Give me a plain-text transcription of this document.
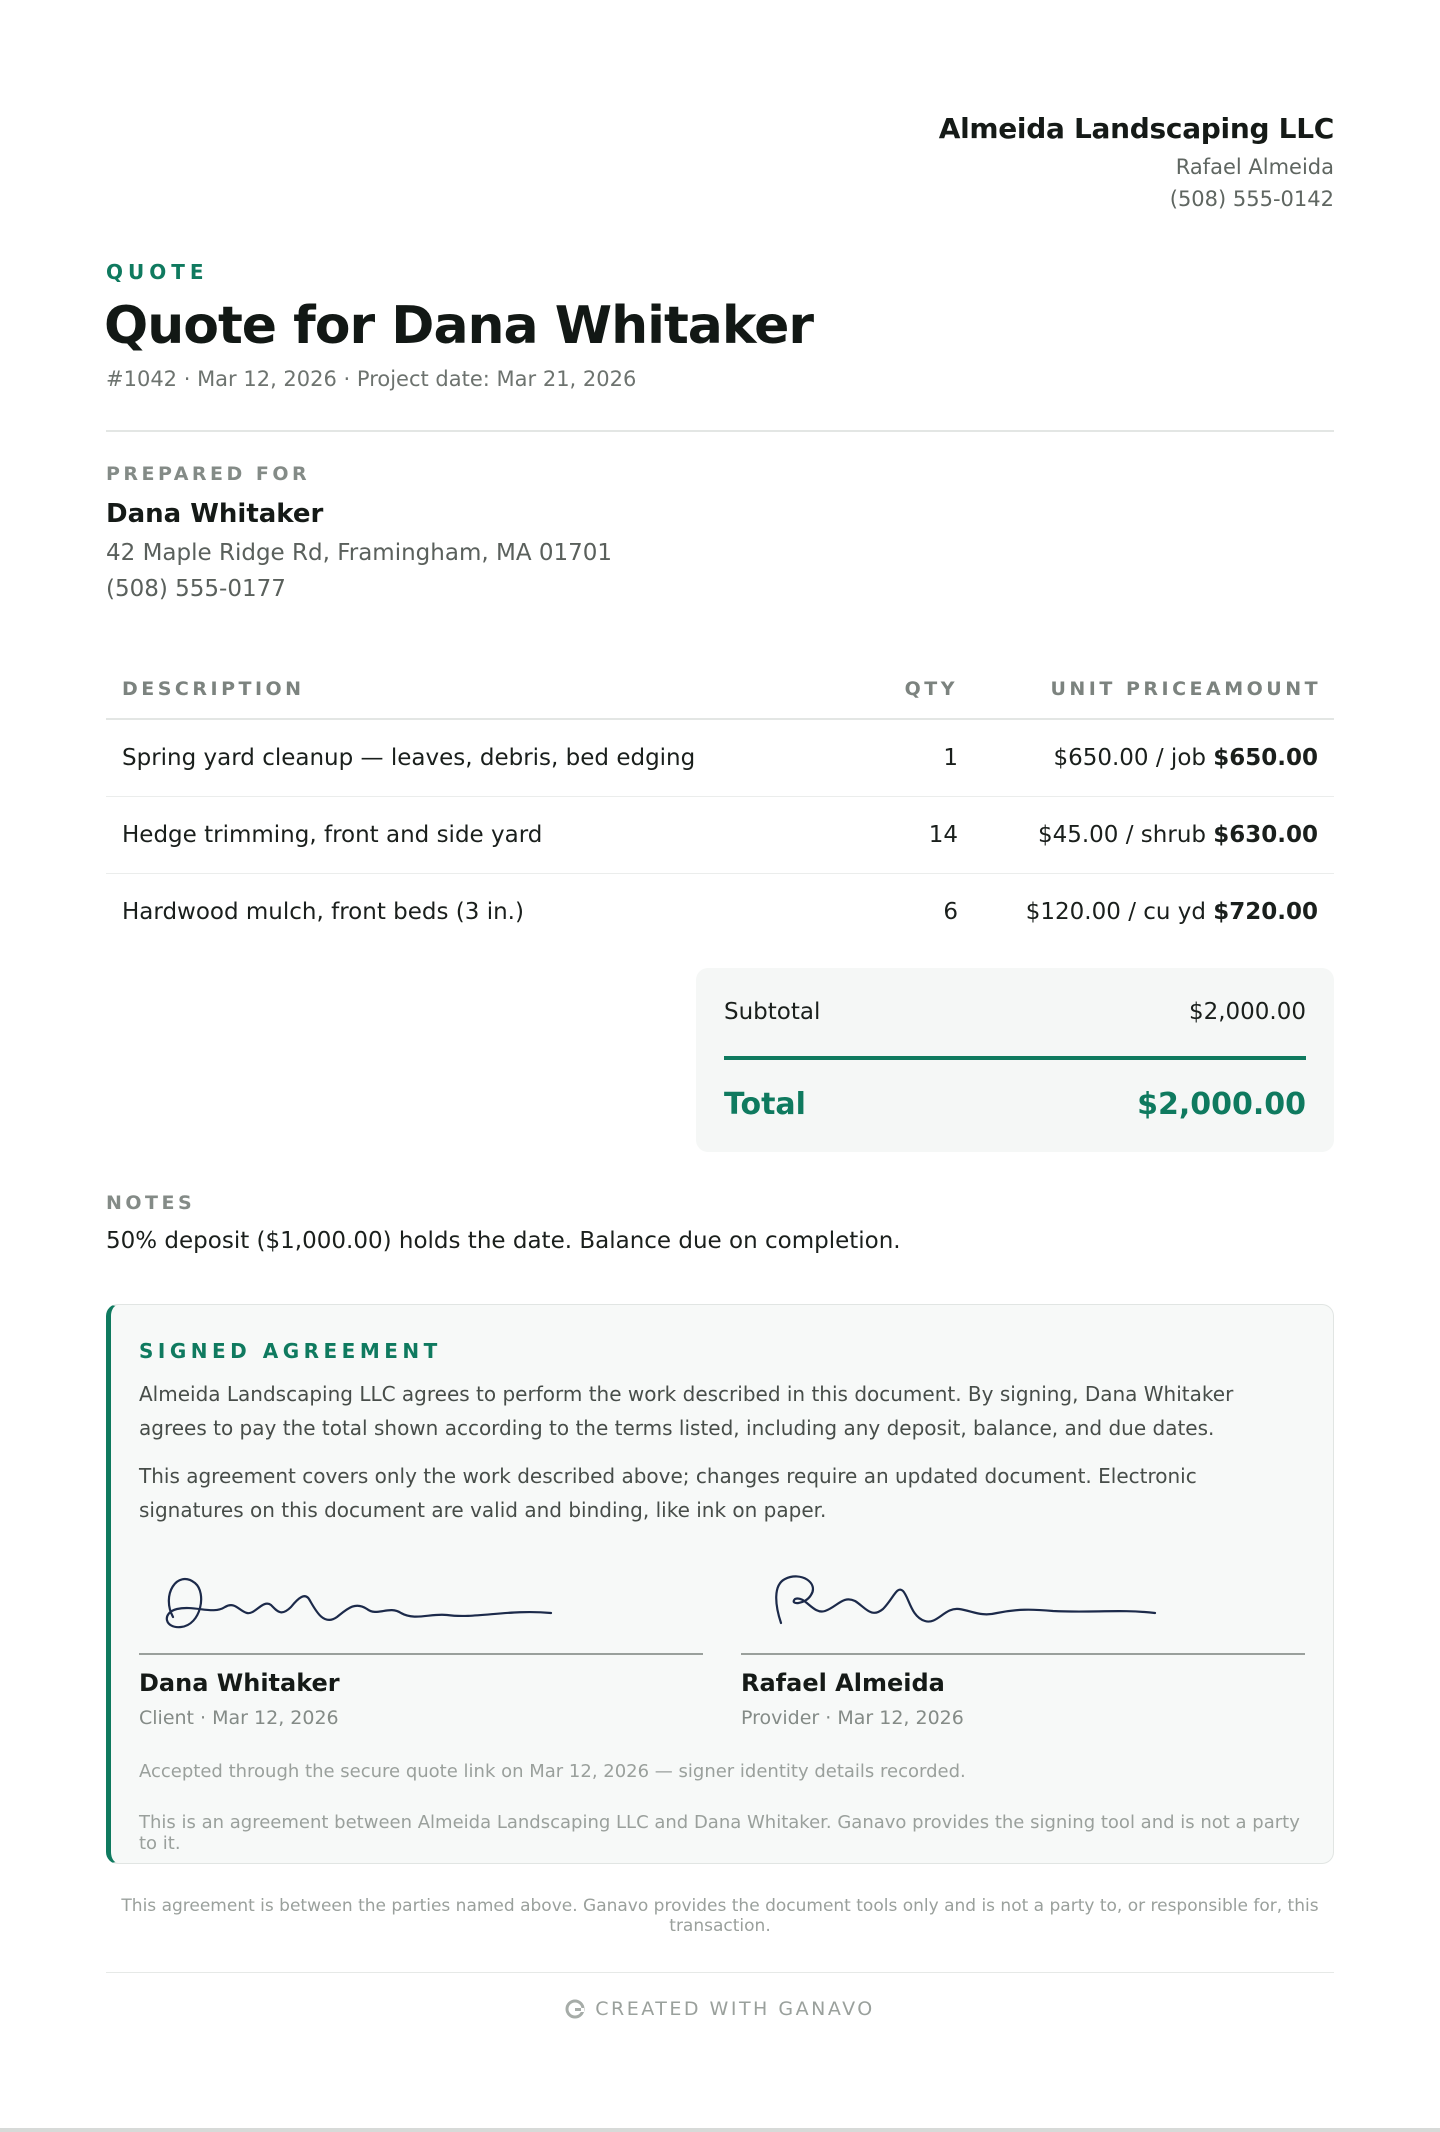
Almeida Landscaping LLC
Rafael Almeida
(508) 555-0142
QUOTE
Quote for Dana Whitaker
#1042 · Mar 12, 2026 · Project date: Mar 21, 2026
PREPARED FOR
Dana Whitaker
42 Maple Ridge Rd, Framingham, MA 01701
(508) 555-0177
DESCRIPTION	QTY	UNIT PRICE AMOUNT
Spring yard cleanup — leaves, debris, bed edging	1	$650.00 / job $650.00
Hedge trimming, front and side yard	14	$45.00 / shrub $630.00
Hardwood mulch, front beds (3 in.)	6	$120.00 / cu yd $720.00
Subtotal	$2,000.00
Total	$2,000.00
NOTES
50% deposit ($1,000.00) holds the date. Balance due on completion.
SIGNED AGREEMENT

Almeida Landscaping LLC agrees to perform the work described in this document. By signing, Dana Whitaker agrees to pay the total shown according to the terms listed, including any deposit, balance, and due dates.

This agreement covers only the work described above; changes require an updated document. Electronic signatures on this document are valid and binding, like ink on paper.

Dana Whitaker
Client · Mar 12, 2026
Rafael Almeida
Provider · Mar 12, 2026
Accepted through the secure quote link on Mar 12, 2026 — signer identity details recorded.
This is an agreement between Almeida Landscaping LLC and Dana Whitaker. Ganavo provides the signing tool and is not a party to it.
This agreement is between the parties named above. Ganavo provides the document tools only and is not a party to, or responsible for, this transaction.
CREATED WITH GANAVO
